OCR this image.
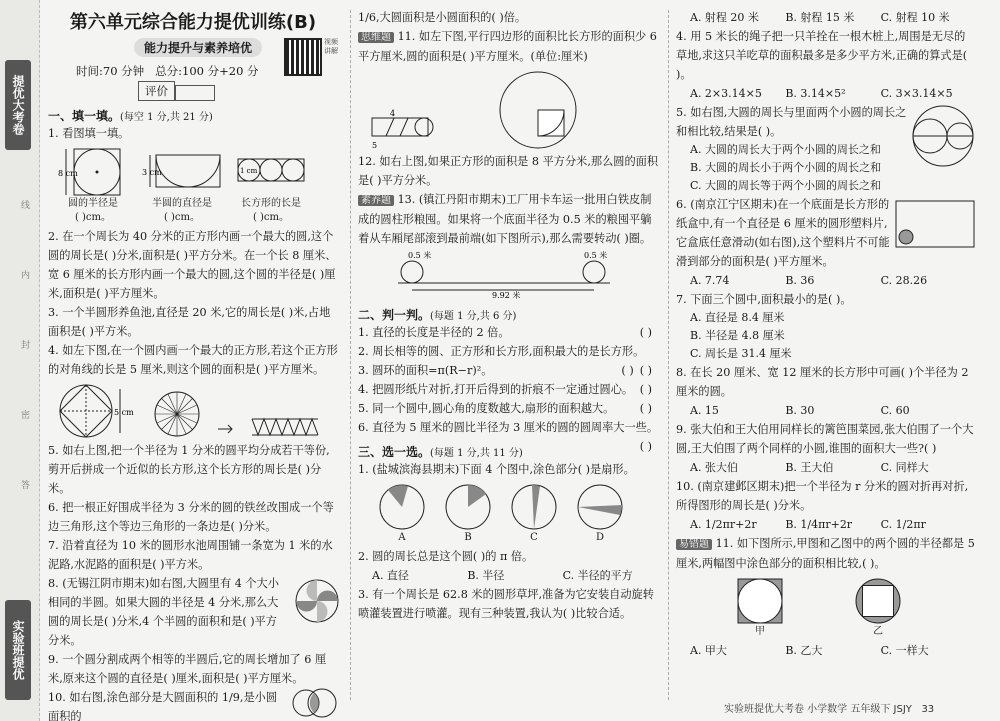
提优大考卷
线
内
封
密
答
实验班提优
第六单元综合能力提优训练(B)
能力提升与素养培优	视频讲解
时间:70 分钟 总分:100 分+20 分
评价
一、填一填。(每空 1 分,共 21 分)
1. 看图填一填。
8 cm
圆的半径是
( )cm。
3 cm
半圆的直径是
( )cm。
1 cm
长方形的长是
( )cm。
2. 在一个周长为 40 分米的正方形内画一个最大的圆,这个圆的周长是( )分米,面积是( )平方分米。在一个长 8 厘米、宽 6 厘米的长方形内画一个最大的圆,这个圆的半径是( )厘米,面积是( )平方厘米。
3. 一个半圆形养鱼池,直径是 20 米,它的周长是( )米,占地面积是( )平方米。
4. 如左下图,在一个圆内画一个最大的正方形,若这个正方形的对角线的长是 5 厘米,则这个圆的面积是( )平方厘米。
5 cm
5. 如右上图,把一个半径为 1 分米的圆平均分成若干等份,剪开后拼成一个近似的长方形,这个长方形的周长是( )分米。
6. 把一根正好围成半径为 3 分米的圆的铁丝改围成一个等边三角形,这个等边三角形的一条边是( )分米。
7. 沿着直径为 10 米的圆形水池周围铺一条宽为 1 米的水泥路,水泥路的面积是( )平方米。
8. (无锡江阴市期末)如右图,大圆里有 4 个大小相同的半圆。如果大圆的半径是 4 分米,那么大圆的周长是( )分米,4 个半圆的面积和是( )平方分米。
9. 一个圆分割成两个相等的半圆后,它的周长增加了 6 厘米,原来这个圆的直径是( )厘米,面积是( )平方厘米。
10. 如右图,涂色部分是大圆面积的 1/9,是小圆面积的
1/6,大圆面积是小圆面积的( )倍。
思维题 11. 如左下图,平行四边形的面积比长方形的面积少 6 平方厘米,圆的面积是( )平方厘米。(单位:厘米)
4
5
12. 如右上图,如果正方形的面积是 8 平方分米,那么圆的面积是( )平方分米。
素养题 13. (镇江丹阳市期末)工厂用卡车运一批用白铁皮制成的圆柱形粮囤。如果将一个底面半径为 0.5 米的粮囤平躺着从车厢尾部滚到最前端(如下图所示),那么需要转动( )圈。
0.5 米	0.5 米
9.92 米
二、判一判。(每题 1 分,共 6 分)
1. 直径的长度是半径的 2 倍。	( )
2. 周长相等的圆、正方形和长方形,面积最大的是长方形。
( )
3. 圆环的面积=π(R−r)²。	( )
4. 把圆形纸片对折,打开后得到的折痕不一定通过圆心。 ( )
5. 同一个圆中,圆心角的度数越大,扇形的面积越大。 ( )
6. 直径为 5 厘米的圆比半径为 3 厘米的圆的圆周率大一些。
( )
三、选一选。(每题 1 分,共 11 分)
1. (盐城滨海县期末)下面 4 个图中,涂色部分( )是扇形。
A	B	C	D
2. 圆的周长总是这个圆( )的 π 倍。
A. 直径	B. 半径	C. 半径的平方
3. 有一个周长是 62.8 米的圆形草坪,准备为它安装自动旋转喷灌装置进行喷灌。现有三种装置,我认为( )比较合适。
A. 射程 20 米	B. 射程 15 米	C. 射程 10 米
4. 用 5 米长的绳子把一只羊拴在一根木桩上,周围是无尽的草地,求这只羊吃草的面积最多是多少平方米,正确的算式是( )。
A. 2×3.14×5	B. 3.14×5²	C. 3×3.14×5
5. 如右图,大圆的周长与里面两个小圆的周长之和相比较,结果是( )。
A. 大圆的周长大于两个小圆的周长之和
B. 大圆的周长小于两个小圆的周长之和
C. 大圆的周长等于两个小圆的周长之和
6. (南京江宁区期末)在一个底面是长方形的纸盒中,有一个直径是 6 厘米的圆形塑料片,它盒底任意滑动(如右图),这个塑料片不可能滑到部分的面积是( )平方厘米。
A. 7.74	B. 36	C. 28.26
7. 下面三个圆中,面积最小的是( )。
A. 直径是 8.4 厘米
B. 半径是 4.8 厘米
C. 周长是 31.4 厘米
8. 在长 20 厘米、宽 12 厘米的长方形中可画( )个半径为 2 厘米的圆。
A. 15	B. 30	C. 60
9. 张大伯和王大伯用同样长的篱笆围菜园,张大伯围了一个大圆,王大伯围了两个同样的小圆,谁围的面积大一些?( )
A. 张大伯	B. 王大伯	C. 同样大
10. (南京建邺区期末)把一个半径为 r 分米的圆对折再对折,所得图形的周长是( )分米。
A. 1/2πr+2r	B. 1/4πr+2r	C. 1/2πr
易错题 11. 如下图所示,甲图和乙图中的两个圆的半径都是 5 厘米,两幅图中涂色部分的面积相比较,( )。
甲	乙
A. 甲大	B. 乙大	C. 一样大
实验班提优大考卷 小学数学 五年级下 JSJY 33
